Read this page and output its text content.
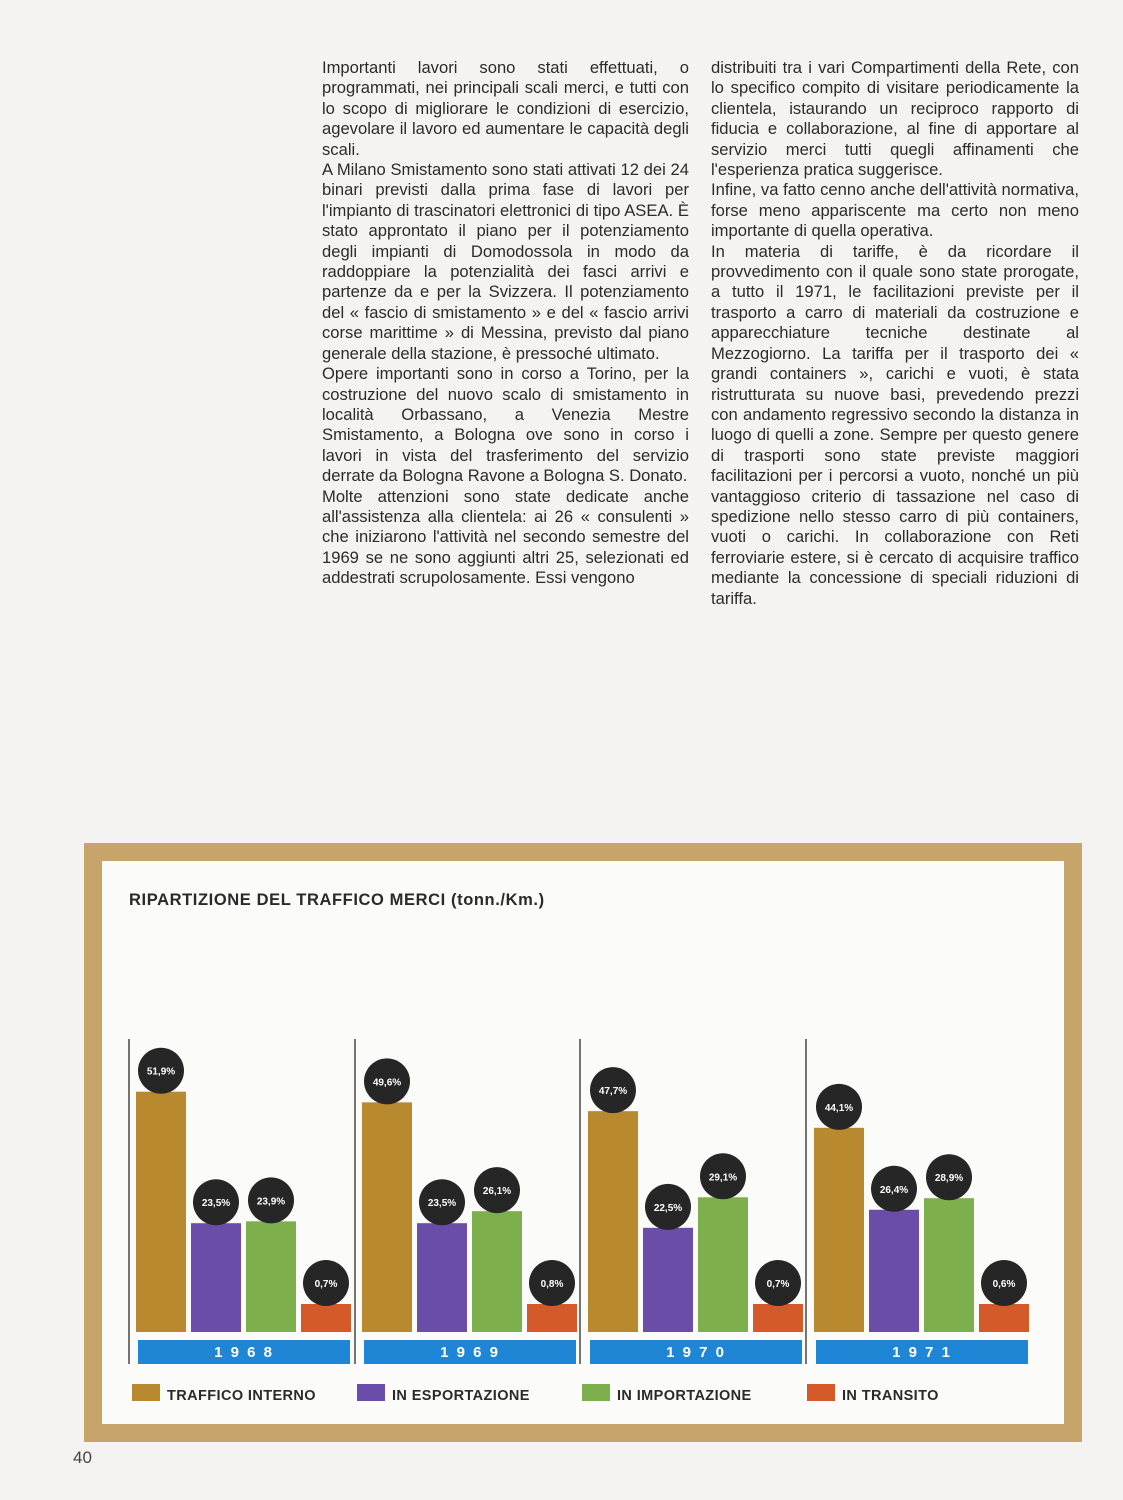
Importanti lavori sono stati effettuati, o programmati, nei principali scali merci, e tutti con lo scopo di migliorare le condizioni di esercizio, agevolare il lavoro ed aumentare le capacità degli scali.

A Milano Smistamento sono stati attivati 12 dei 24 binari previsti dalla prima fase di lavori per l'impianto di trascinatori elettronici di tipo ASEA. È stato approntato il piano per il potenziamento degli impianti di Domodossola in modo da raddoppiare la potenzialità dei fasci arrivi e partenze da e per la Svizzera. Il potenziamento del « fascio di smistamento » e del « fascio arrivi corse marittime » di Messina, previsto dal piano generale della stazione, è pressoché ultimato.

Opere importanti sono in corso a Torino, per la costruzione del nuovo scalo di smistamento in località Orbassano, a Venezia Mestre Smistamento, a Bologna ove sono in corso i lavori in vista del trasferimento del servizio derrate da Bologna Ravone a Bologna S. Donato.

Molte attenzioni sono state dedicate anche all'assistenza alla clientela: ai 26 « consulenti » che iniziarono l'attività nel secondo semestre del 1969 se ne sono aggiunti altri 25, selezionati ed addestrati scrupolosamente. Essi vengono

distribuiti tra i vari Compartimenti della Rete, con lo specifico compito di visitare periodicamente la clientela, istaurando un reciproco rapporto di fiducia e collaborazione, al fine di apportare al servizio merci tutti quegli affinamenti che l'esperienza pratica suggerisce.

Infine, va fatto cenno anche dell'attività normativa, forse meno appariscente ma certo non meno importante di quella operativa.

In materia di tariffe, è da ricordare il provvedimento con il quale sono state prorogate, a tutto il 1971, le facilitazioni previste per il trasporto a carro di materiali da costruzione e apparecchiature tecniche destinate al Mezzogiorno. La tariffa per il trasporto dei « grandi containers », carichi e vuoti, è stata ristrutturata su nuove basi, prevedendo prezzi con andamento regressivo secondo la distanza in luogo di quelli a zone. Sempre per questo genere di trasporti sono state previste maggiori facilitazioni per i percorsi a vuoto, nonché un più vantaggioso criterio di tassazione nel caso di spedizione nello stesso carro di più containers, vuoti o carichi. In collaborazione con Reti ferroviarie estere, si è cercato di acquisire traffico mediante la concessione di speciali riduzioni di tariffa.

RIPARTIZIONE DEL TRAFFICO MERCI (tonn./Km.)
51,9%
23,5%	23,9%
0,7%
1 9 6 8
49,6%
23,5%
26,1%
0,8%
1 9 6 9
47,7%
22,5%
29,1%
0,7%
1 9 7 0
44,1%
26,4%
28,9%
0,6%
1 9 7 1
TRAFFICO INTERNO	IN ESPORTAZIONE	IN IMPORTAZIONE	IN TRANSITO
40
